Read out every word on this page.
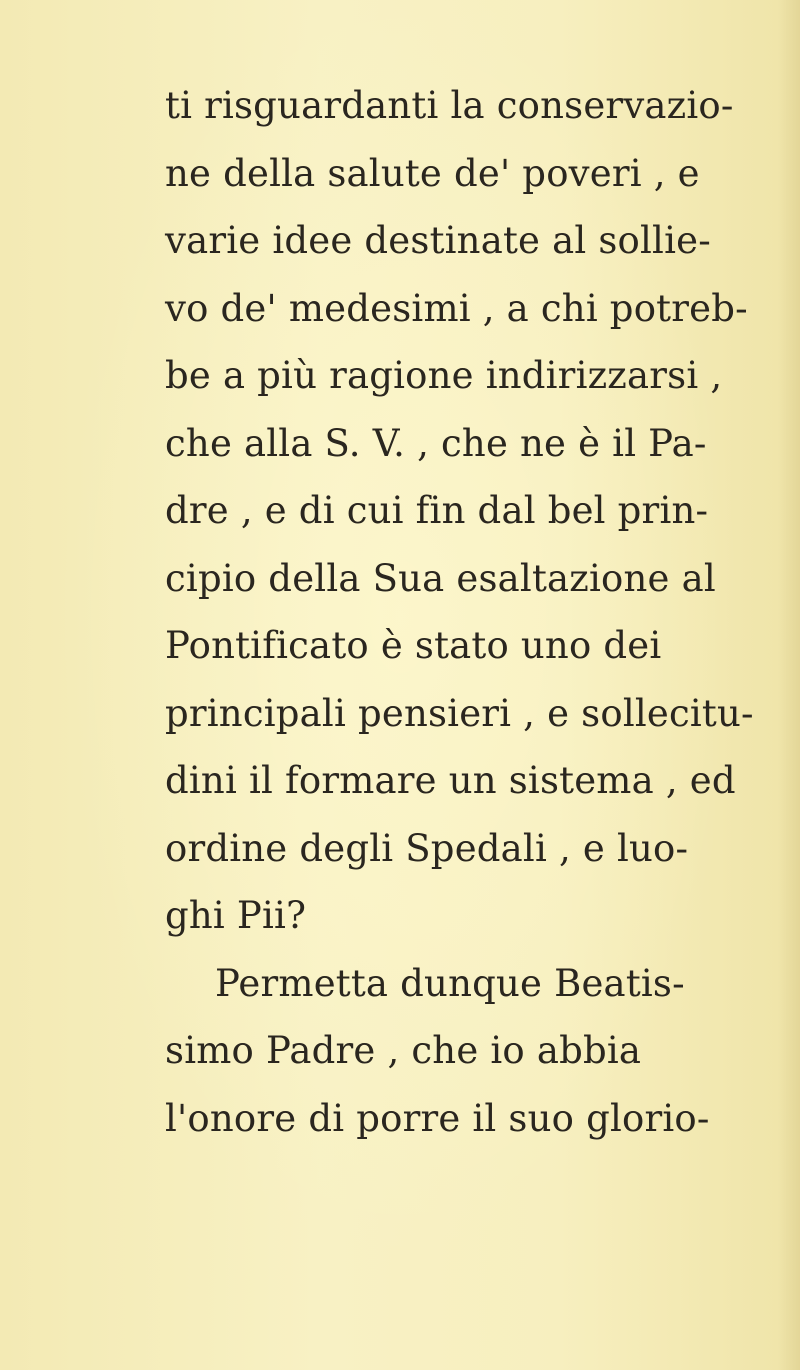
ti risguardanti la conservazio-
ne della salute de' poveri , e
varie idee destinate al sollie-
vo de' medesimi , a chi potreb-
be a più ragione indirizzarsi ,
che alla S. V. , che ne è il Pa-
dre , e di cui fin dal bel prin-
cipio della Sua esaltazione al
Pontificato è stato uno dei
principali pensieri , e sollecitu-
dini il formare un sistema , ed
ordine degli Spedali , e luo-
ghi Pii?
Permetta dunque Beatis-
simo Padre , che io abbia
l'onore di porre il suo glorio-
